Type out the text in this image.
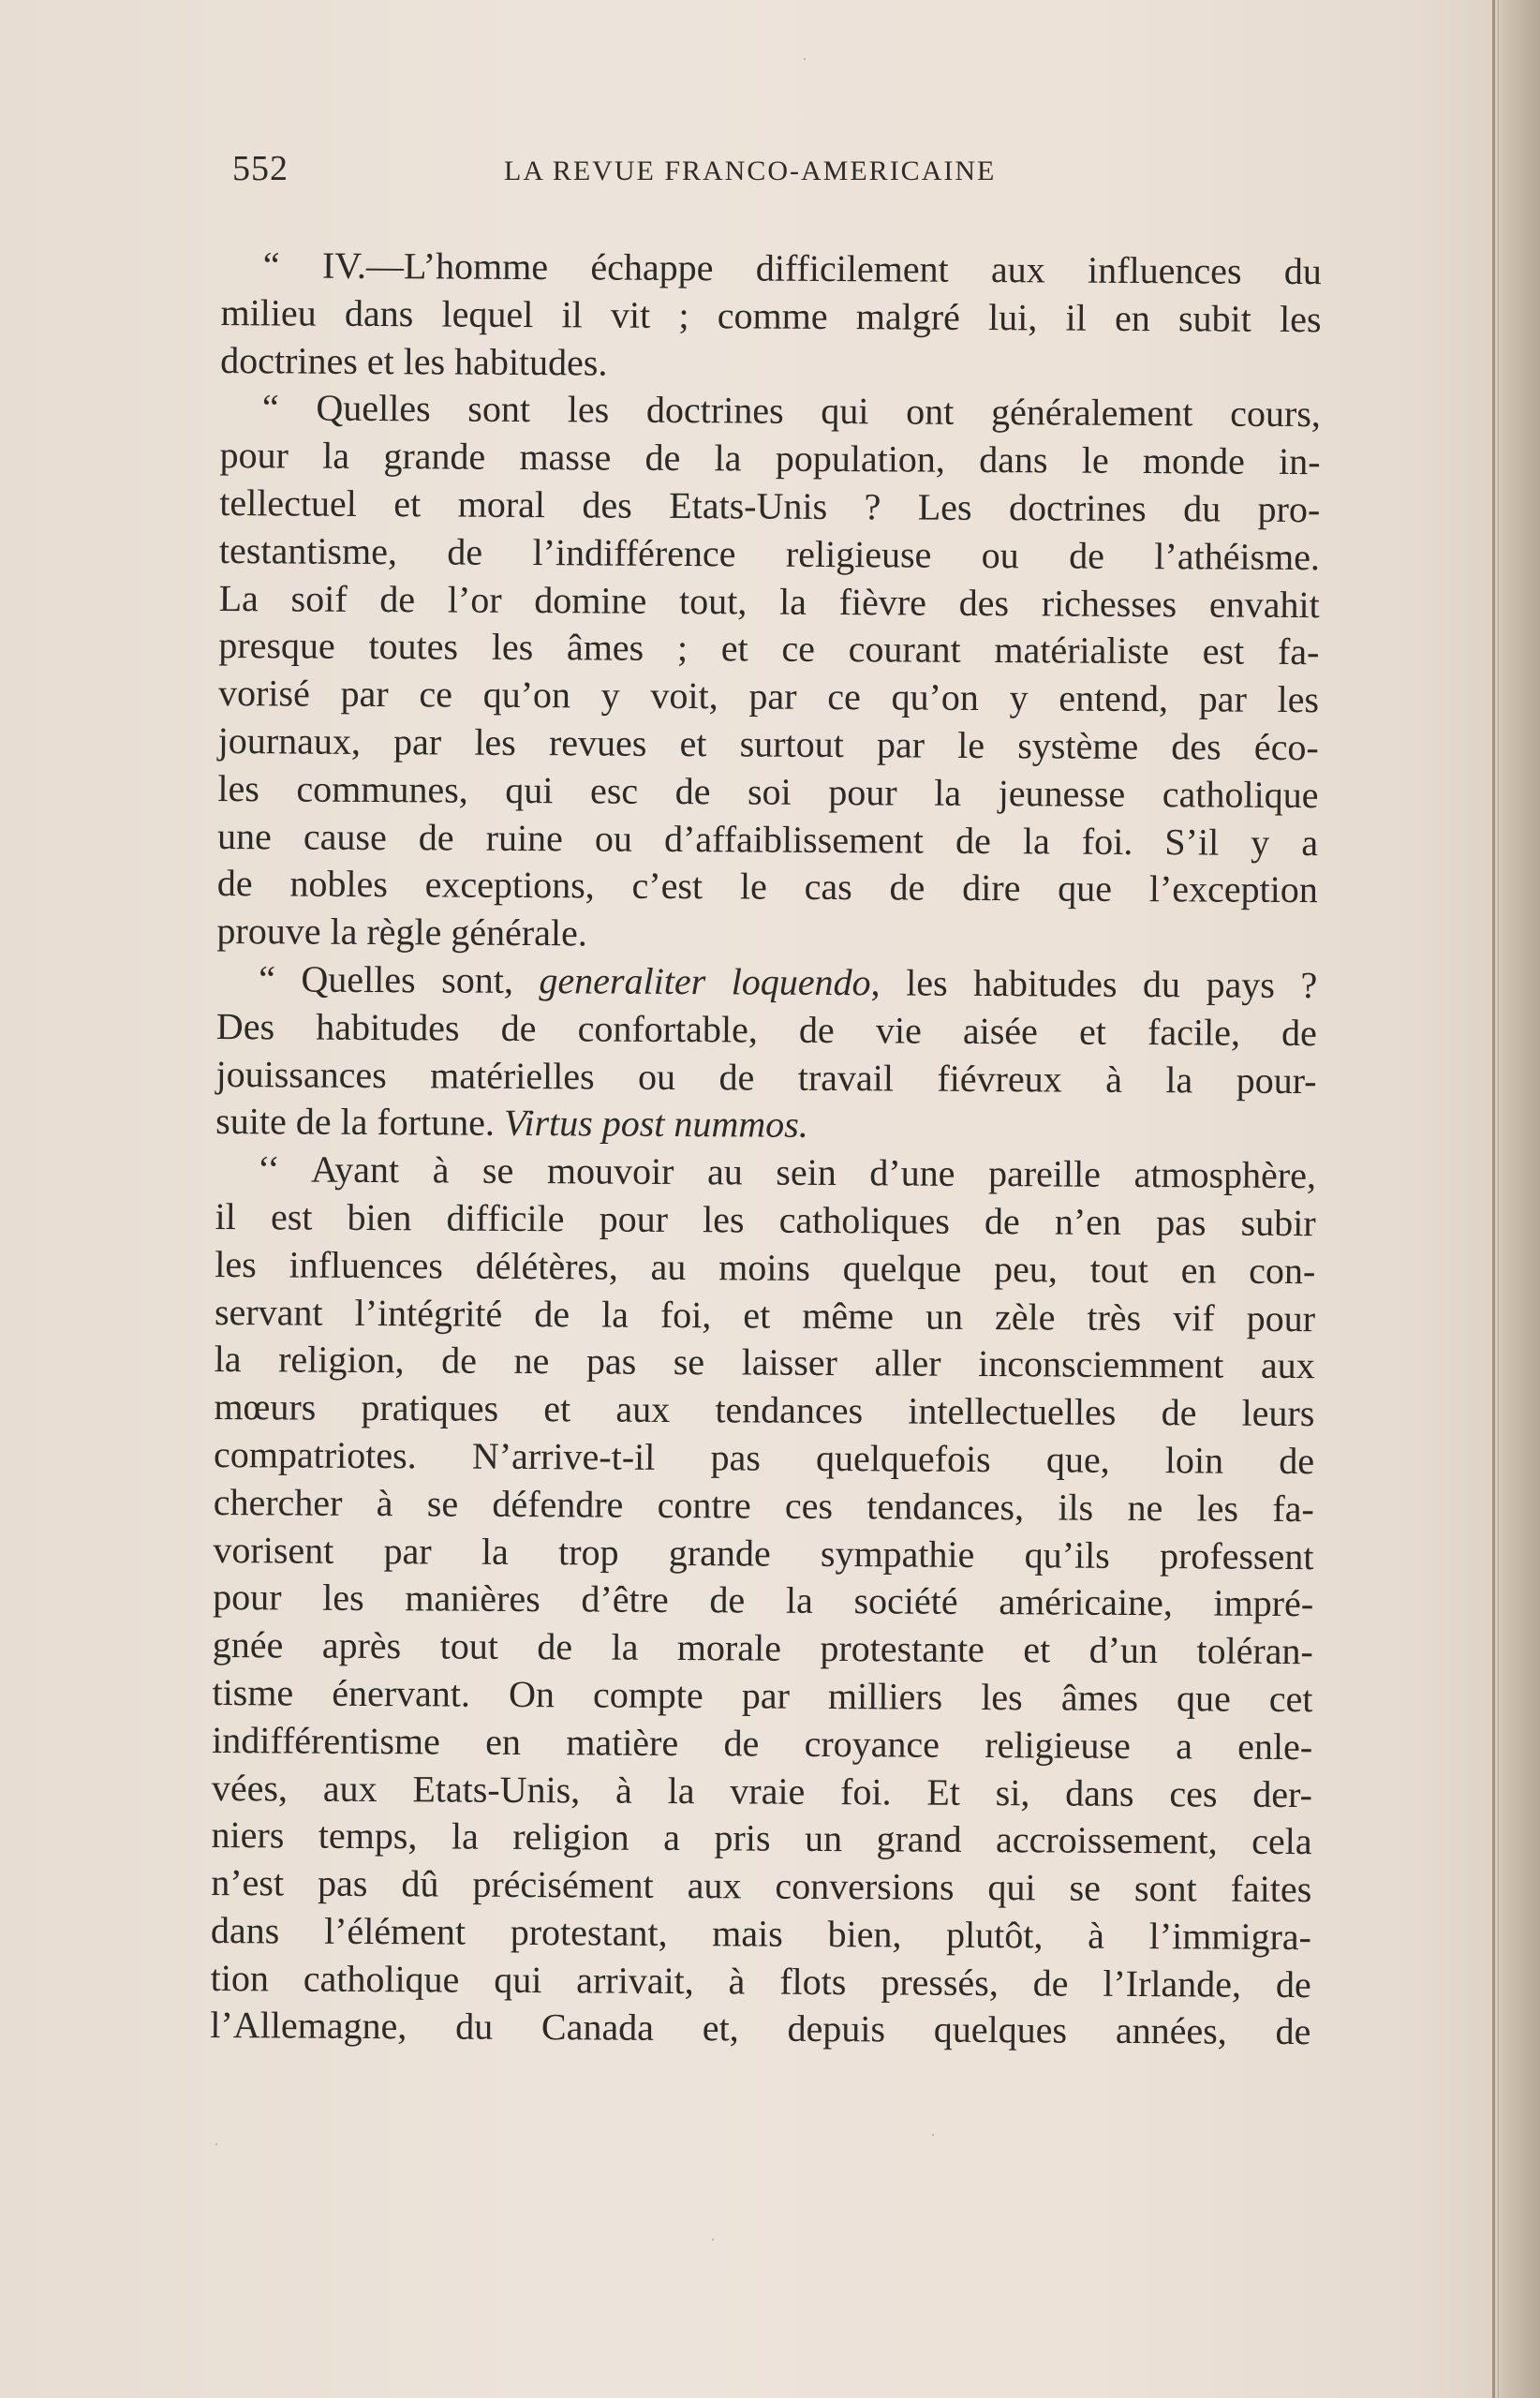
552	LA REVUE FRANCO-AMERICAINE
“ IV.—L’homme échappe difficilement aux influences du
milieu dans lequel il vit ; comme malgré lui, il en subit les
doctrines et les habitudes.
“ Quelles sont les doctrines qui ont généralement cours,
pour la grande masse de la population, dans le monde in-
tellectuel et moral des Etats-Unis ? Les doctrines du pro-
testantisme, de l’indifférence religieuse ou de l’athéisme.
La soif de l’or domine tout, la fièvre des richesses envahit
presque toutes les âmes ; et ce courant matérialiste est fa-
vorisé par ce qu’on y voit, par ce qu’on y entend, par les
journaux, par les revues et surtout par le système des éco-
les communes, qui esc de soi pour la jeunesse catholique
une cause de ruine ou d’affaiblissement de la foi. S’il y a
de nobles exceptions, c’est le cas de dire que l’exception
prouve la règle générale.
“ Quelles sont, generaliter loquendo, les habitudes du pays ?
Des habitudes de confortable, de vie aisée et facile, de
jouissances matérielles ou de travail fiévreux à la pour-
suite de la fortune. Virtus post nummos.
‘‘ Ayant à se mouvoir au sein d’une pareille atmosphère,
il est bien difficile pour les catholiques de n’en pas subir
les influences délétères, au moins quelque peu, tout en con-
servant l’intégrité de la foi, et même un zèle très vif pour
la religion, de ne pas se laisser aller inconsciemment aux
mœurs pratiques et aux tendances intellectuelles de leurs
compatriotes. N’arrive-t-il pas quelquefois que, loin de
chercher à se défendre contre ces tendances, ils ne les fa-
vorisent par la trop grande sympathie qu’ils professent
pour les manières d’être de la société américaine, impré-
gnée après tout de la morale protestante et d’un toléran-
tisme énervant. On compte par milliers les âmes que cet
indifférentisme en matière de croyance religieuse a enle-
vées, aux Etats-Unis, à la vraie foi. Et si, dans ces der-
niers temps, la religion a pris un grand accroissement, cela
n’est pas dû précisément aux conversions qui se sont faites
dans l’élément protestant, mais bien, plutôt, à l’immigra-
tion catholique qui arrivait, à flots pressés, de l’Irlande, de
l’Allemagne, du Canada et, depuis quelques années, de
